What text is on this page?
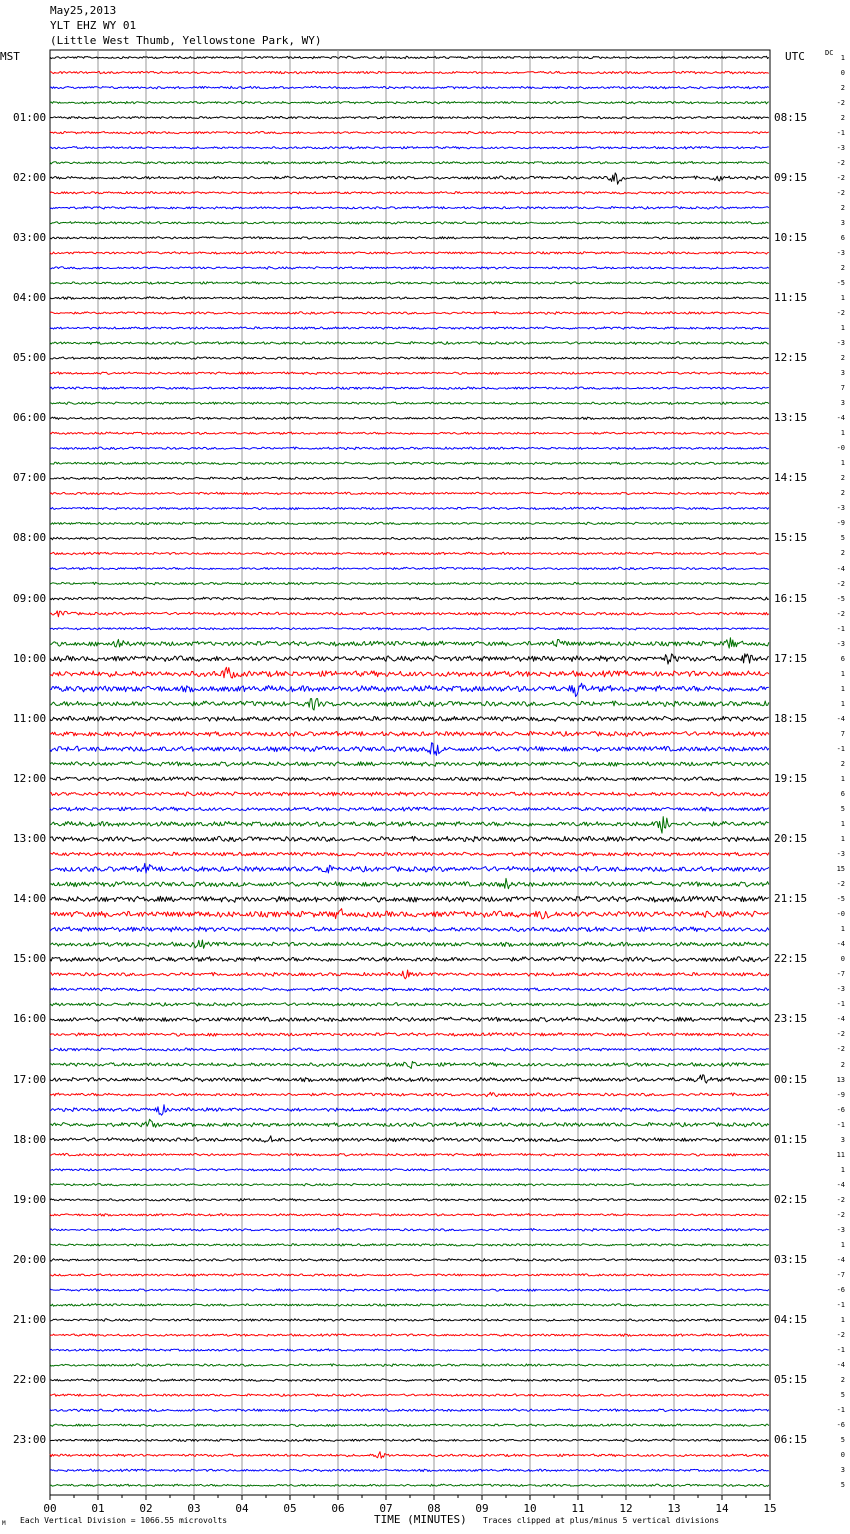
May25,2013
YLT EHZ WY 01
(Little West Thumb, Yellowstone Park, WY)
MST	UTC	DC
00	01	02	03	04	05	06	07	08	09	10	11	12	13	14	15
1
0
2
-2
2
-1
-3
-2
-2
-2
2
3
6
-3
2
-5
1
-2
1
-3
2
3
7
3
-4
1
-0
1
2
2
-3
-9
5
2
-4
-2
-5
-2
-1
-3
6
1
1
1
-4
7
-1
2
1
6
5
1
1
-3
15
-2
-5
-0
1
-4
0
-7
-3
-1
-4
-2
-2
2
13
-9
-6
-1
3
11
1
-4
-2
-2
-3
1
-4
-7
-6
-1
1
-2
-1
-4
2
5
-1
-6
5
0
3
5
01:00	08:15
02:00	09:15
03:00	10:15
04:00	11:15
05:00	12:15
06:00	13:15
07:00	14:15
08:00	15:15
09:00	16:15
10:00	17:15
11:00	18:15
12:00	19:15
13:00	20:15
14:00	21:15
15:00	22:15
16:00	23:15
17:00	00:15
18:00	01:15
19:00	02:15
20:00	03:15
21:00	04:15
22:00	05:15
23:00	06:15
M Each Vertical Division = 1066.55 microvolts	TIME (MINUTES) Traces clipped at plus/minus 5 vertical divisions
